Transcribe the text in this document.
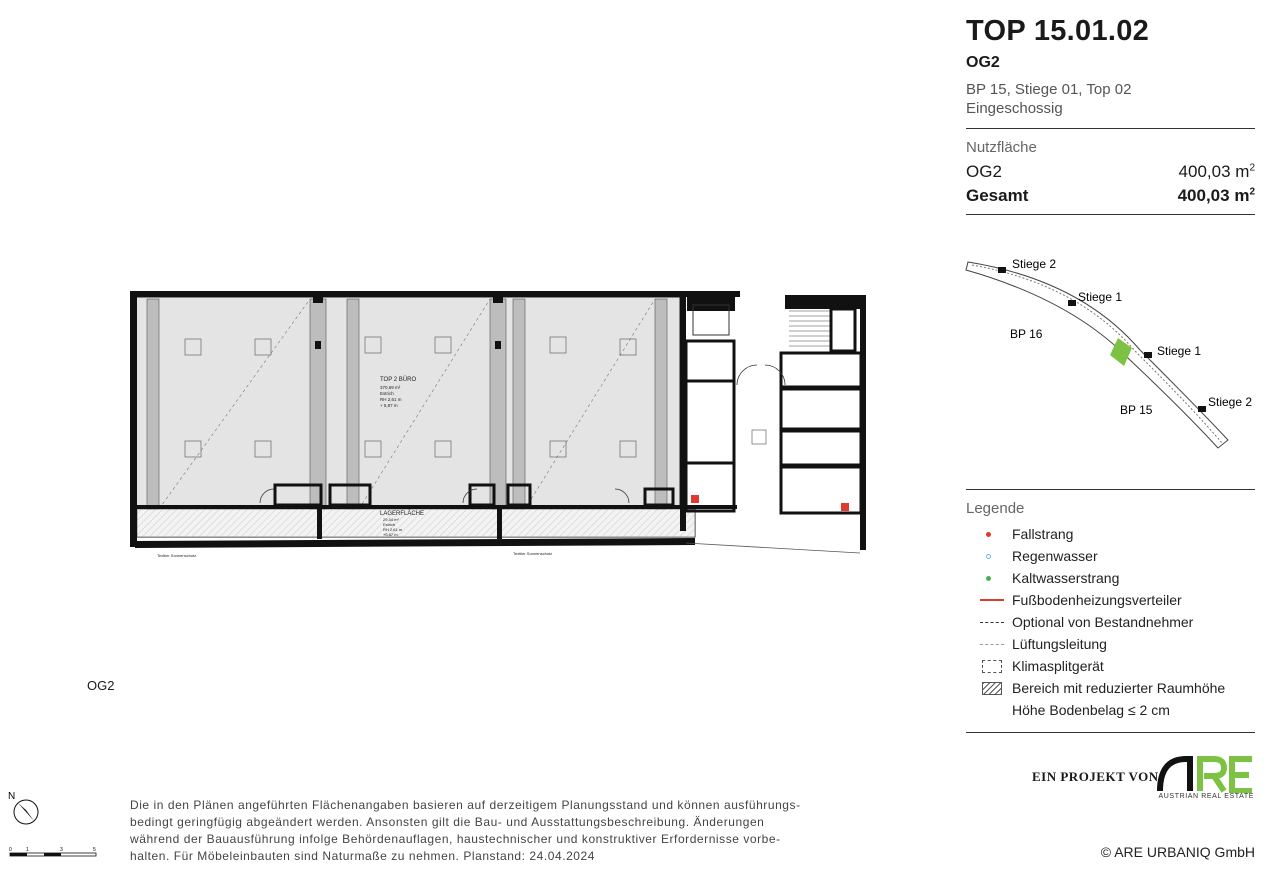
TOP 15.01.02
OG2
BP 15, Stiege 01, Top 02
Eingeschossig
Nutzfläche
OG2	400,03 $m^2$
Gesamt	400,03 $m^2$
Stiege 2
Stiege 1
BP 16
Stiege 1
Stiege 2
BP 15
Legende
Fallstrang
Regenwasser
Kaltwasserstrang
Fußbodenheizungsverteiler
Optional von Bestandnehmer
Lüftungsleitung
Klimasplitgerät
Bereich mit reduzierter Raumhöhe
Höhe Bodenbelag ≤ 2 cm
EIN PROJEKT VON
ARE
AUSTRIAN REAL ESTATE
© ARE URBANIQ GmbH
TOP 2 BÜRO
370,69 m²
Estrich
RH 2,61 m
+ 5,87 m
LAGERFLÄCHE
29,34 m²
Estrich
RH 2,61 m
+5,87 m
Textiler Sonnenschutz	Textiler Sonnenschutz
OG2
Die in den Plänen angeführten Flächenangaben basieren auf derzeitigem Planungsstand und können ausführungs-
bedingt geringfügig abgeändert werden. Ansonsten gilt die Bau- und Ausstattungsbeschreibung. Änderungen
während der Bauausführung infolge Behördenauflagen, haustechnischer und konstruktiver Erfordernisse vorbe-
halten. Für Möbeleinbauten sind Naturmaße zu nehmen. Planstand: 24.04.2024
N
0	1	3	5
